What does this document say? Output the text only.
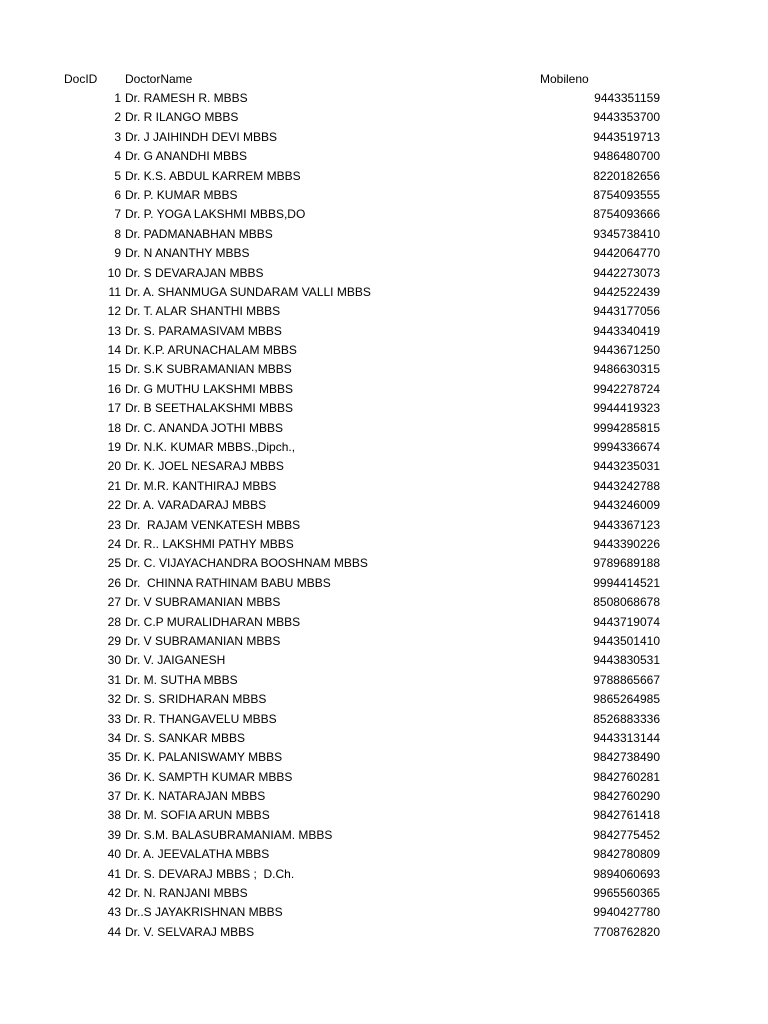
DocID DoctorName	Mobileno
1 Dr. RAMESH R. MBBS	9443351159
2 Dr. R ILANGO MBBS	9443353700
3 Dr. J JAIHINDH DEVI MBBS	9443519713
4 Dr. G ANANDHI MBBS	9486480700
5 Dr. K.S. ABDUL KARREM MBBS	8220182656
6 Dr. P. KUMAR MBBS	8754093555
7 Dr. P. YOGA LAKSHMI MBBS,DO	8754093666
8 Dr. PADMANABHAN MBBS	9345738410
9 Dr. N ANANTHY MBBS	9442064770
10 Dr. S DEVARAJAN MBBS	9442273073
11 Dr. A. SHANMUGA SUNDARAM VALLI MBBS	9442522439
12 Dr. T. ALAR SHANTHI MBBS	9443177056
13 Dr. S. PARAMASIVAM MBBS	9443340419
14 Dr. K.P. ARUNACHALAM MBBS	9443671250
15 Dr. S.K SUBRAMANIAN MBBS	9486630315
16 Dr. G MUTHU LAKSHMI MBBS	9942278724
17 Dr. B SEETHALAKSHMI MBBS	9944419323
18 Dr. C. ANANDA JOTHI MBBS	9994285815
19 Dr. N.K. KUMAR MBBS.,Dipch.,	9994336674
20 Dr. K. JOEL NESARAJ MBBS	9443235031
21 Dr. M.R. KANTHIRAJ MBBS	9443242788
22 Dr. A. VARADARAJ MBBS	9443246009
23 Dr.  RAJAM VENKATESH MBBS	9443367123
24 Dr. R.. LAKSHMI PATHY MBBS	9443390226
25 Dr. C. VIJAYACHANDRA BOOSHNAM MBBS	9789689188
26 Dr.  CHINNA RATHINAM BABU MBBS	9994414521
27 Dr. V SUBRAMANIAN MBBS	8508068678
28 Dr. C.P MURALIDHARAN MBBS	9443719074
29 Dr. V SUBRAMANIAN MBBS	9443501410
30 Dr. V. JAIGANESH	9443830531
31 Dr. M. SUTHA MBBS	9788865667
32 Dr. S. SRIDHARAN MBBS	9865264985
33 Dr. R. THANGAVELU MBBS	8526883336
34 Dr. S. SANKAR MBBS	9443313144
35 Dr. K. PALANISWAMY MBBS	9842738490
36 Dr. K. SAMPTH KUMAR MBBS	9842760281
37 Dr. K. NATARAJAN MBBS	9842760290
38 Dr. M. SOFIA ARUN MBBS	9842761418
39 Dr. S.M. BALASUBRAMANIAM. MBBS	9842775452
40 Dr. A. JEEVALATHA MBBS	9842780809
41 Dr. S. DEVARAJ MBBS ;  D.Ch.	9894060693
42 Dr. N. RANJANI MBBS	9965560365
43 Dr..S JAYAKRISHNAN MBBS	9940427780
44 Dr. V. SELVARAJ MBBS	7708762820
